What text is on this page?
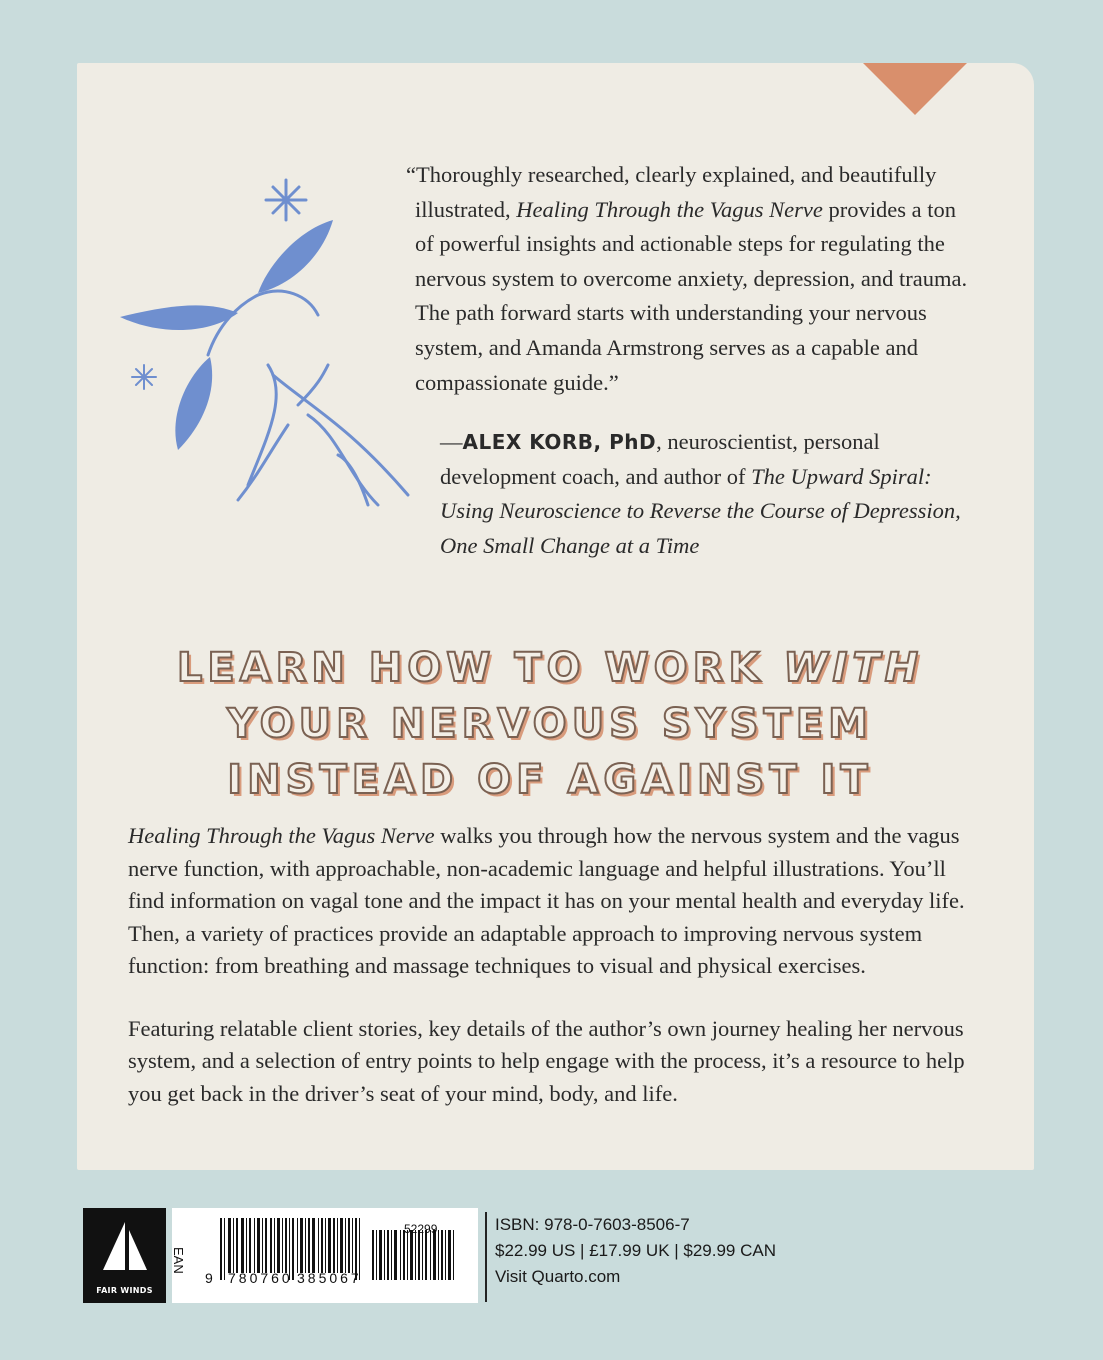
“Thoroughly researched, clearly explained, and beautifully illustrated, Healing Through the Vagus Nerve provides a ton of powerful insights and actionable steps for regulating the nervous system to overcome anxiety, depression, and trauma. The path forward starts with understanding your nervous system, and Amanda Armstrong serves as a capable and compassionate guide.”

—ALEX KORB, PhD, neuroscientist, personal development coach, and author of The Upward Spiral: Using Neuroscience to Reverse the Course of Depression, One Small Change at a Time
LEARN HOW TO WORK WITH
YOUR NERVOUS SYSTEM
INSTEAD OF AGAINST IT

Healing Through the Vagus Nerve walks you through how the nervous system and the vagus nerve function, with approachable, non-academic language and helpful illustrations. You’ll find information on vagal tone and the impact it has on your mental health and everyday life. Then, a variety of practices provide an adaptable approach to improving nervous system function: from breathing and massage techniques to visual and physical exercises.

Featuring relatable client stories, key details of the author’s own journey healing her nervous system, and a selection of entry points to help engage with the process, it’s a resource to help you get back in the driver’s seat of your mind, body, and life.

FAIR WINDS
EAN
9 780760 385067
52299	ISBN: 978-0-7603-8506-7
$22.99 US | £17.99 UK | $29.99 CAN
Visit Quarto.com
